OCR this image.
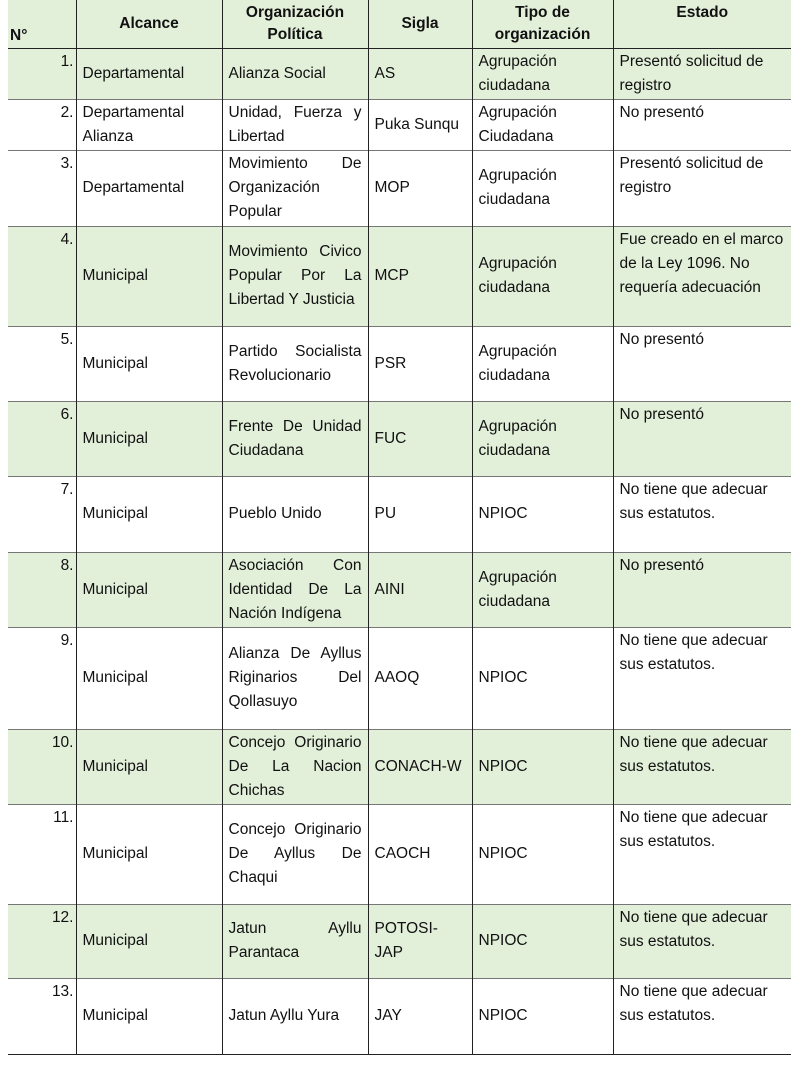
N°	Alcance	Organización Política	Sigla	Tipo de organización	Estado
1.	Departamental	Alianza Social	AS	Agrupación ciudadana	Presentó solicitud de registro
2.	Departamental Alianza	Unidad, Fuerza y Libertad	Puka Sunqu	Agrupación Ciudadana	No presentó
3.	Departamental	Movimiento De Organización Popular	MOP	Agrupación ciudadana	Presentó solicitud de registro
4.	Municipal	Movimiento Civico Popular Por La Libertad Y Justicia	MCP	Agrupación ciudadana	Fue creado en el marco de la Ley 1096. No requería adecuación
5.	Municipal	Partido Socialista Revolucionario	PSR	Agrupación ciudadana	No presentó
6.	Municipal	Frente De Unidad Ciudadana	FUC	Agrupación ciudadana	No presentó
7.	Municipal	Pueblo Unido	PU	NPIOC	No tiene que adecuar sus estatutos.
8.	Municipal	Asociación Con Identidad De La Nación Indígena	AINI	Agrupación ciudadana	No presentó
9.	Municipal	Alianza De Ayllus Riginarios Del Qollasuyo	AAOQ	NPIOC	No tiene que adecuar sus estatutos.
10.	Municipal	Concejo Originario De La Nacion Chichas	CONACH-W	NPIOC	No tiene que adecuar sus estatutos.
11.	Municipal	Concejo Originario De Ayllus De Chaqui	CAOCH	NPIOC	No tiene que adecuar sus estatutos.
12.	Municipal	Jatun Ayllu Parantaca	POTOSI-JAP	NPIOC	No tiene que adecuar sus estatutos.
13.	Municipal	Jatun Ayllu Yura	JAY	NPIOC	No tiene que adecuar sus estatutos.
